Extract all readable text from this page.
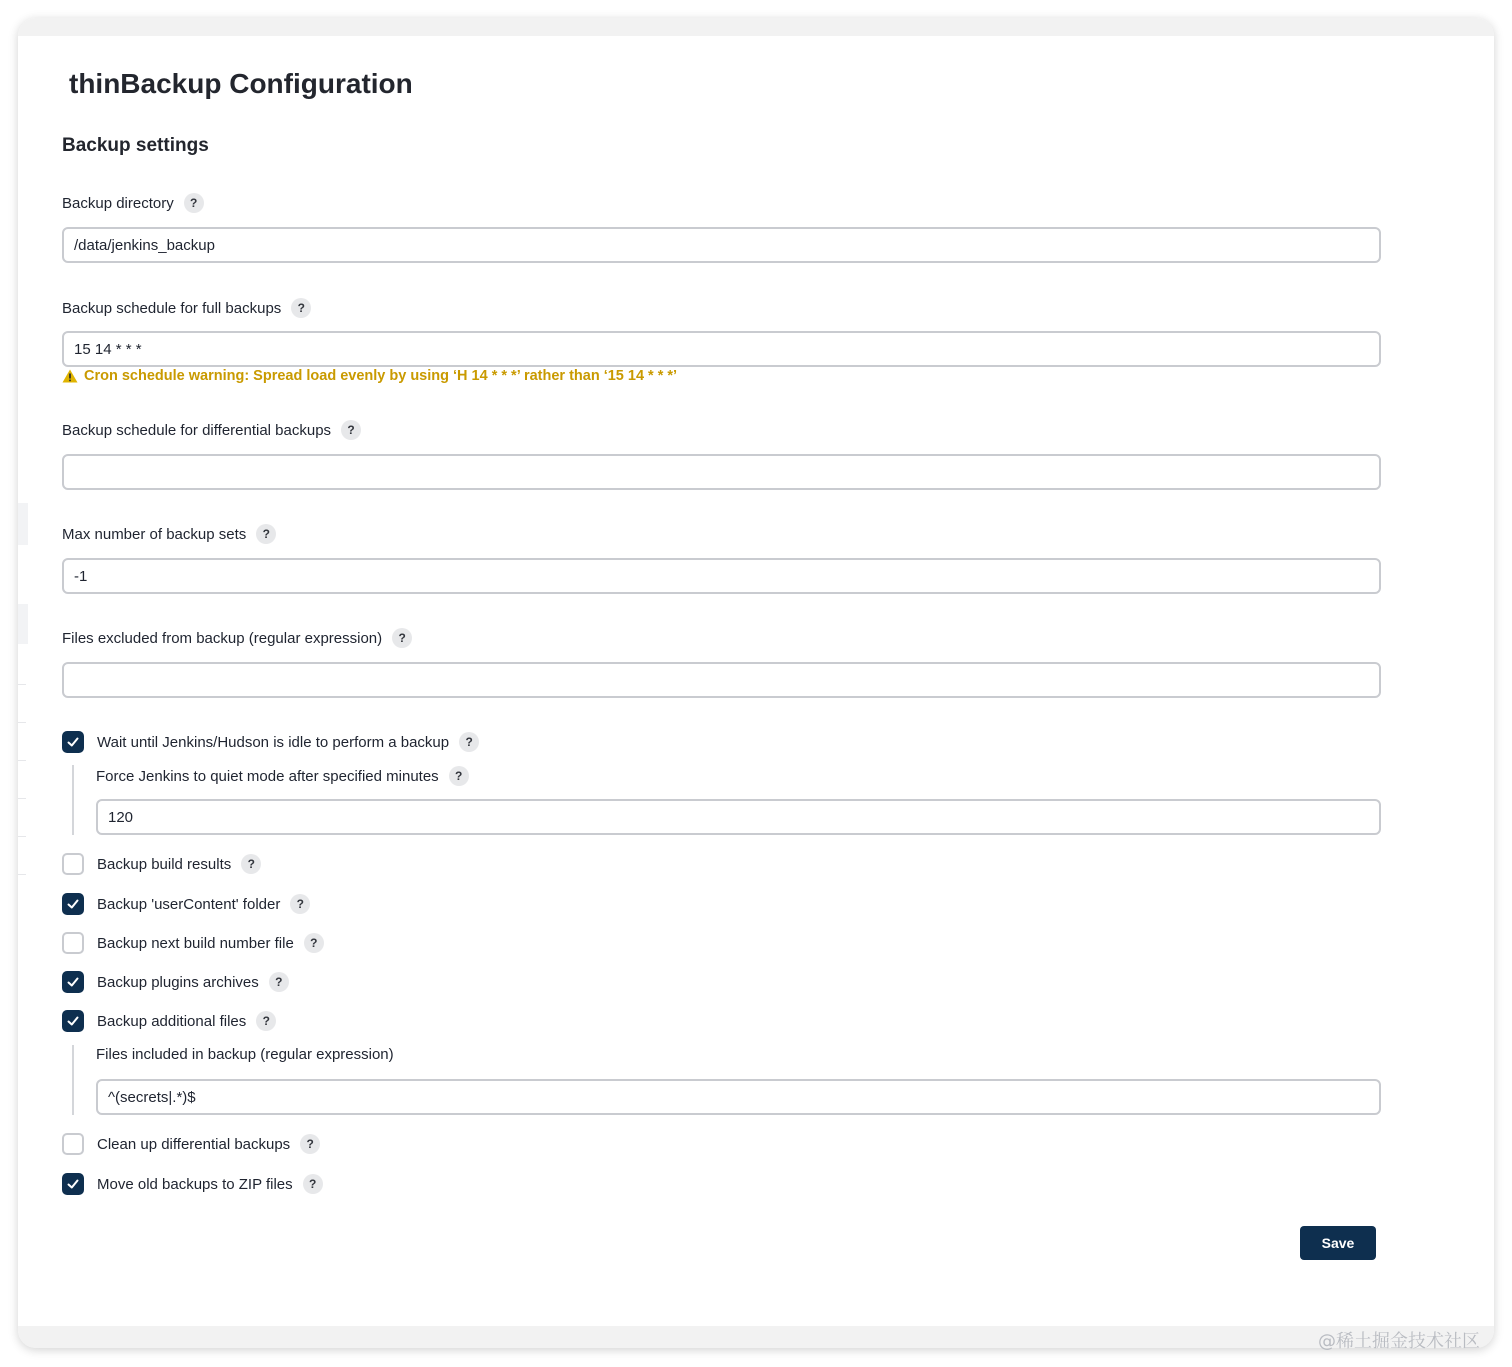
thinBackup Configuration
Backup settings
Backup directory	?
/data/jenkins_backup
Backup schedule for full backups	?
15 14 * * *
Cron schedule warning: Spread load evenly by using ‘H 14 * * *’ rather than ‘15 14 * * *’
Backup schedule for differential backups	?
Max number of backup sets	?
-1
Files excluded from backup (regular expression)	?
Wait until Jenkins/Hudson is idle to perform a backup	?
Force Jenkins to quiet mode after specified minutes	?
120
Backup build results	?
Backup 'userContent' folder	?
Backup next build number file	?
Backup plugins archives	?
Backup additional files	?
Files included in backup (regular expression)
^(secrets|.*)$
Clean up differential backups	?
Move old backups to ZIP files	?
Save
@稀土掘金技术社区
